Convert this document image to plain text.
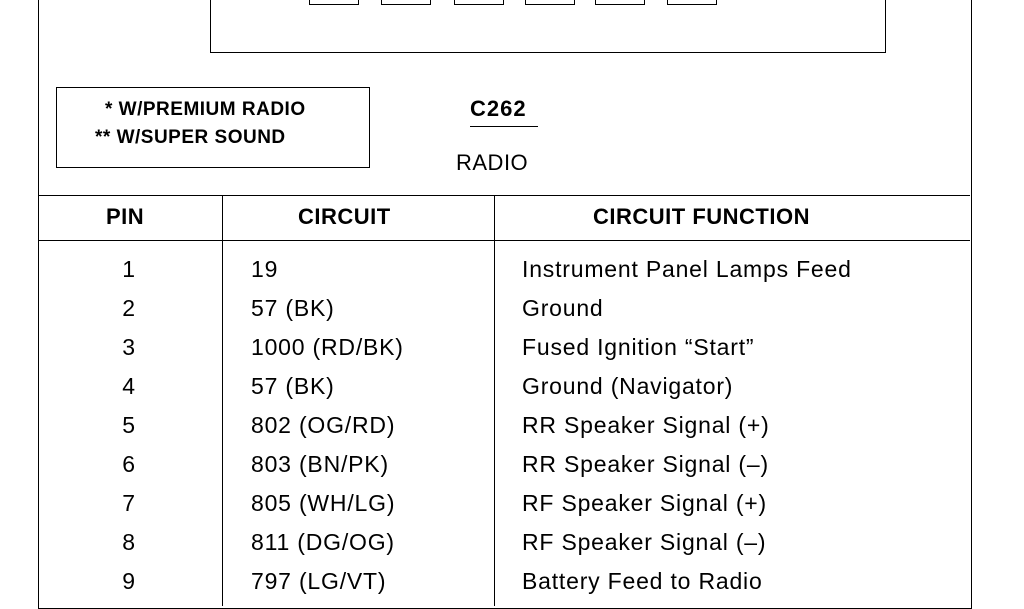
* W/PREMIUM RADIO
** W/SUPER SOUND
C262
RADIO
PIN	CIRCUIT	CIRCUIT FUNCTION
1	19	Instrument Panel Lamps Feed
2	57 (BK)	Ground
3	1000 (RD/BK)	Fused Ignition “Start”
4	57 (BK)	Ground (Navigator)
5	802 (OG/RD)	RR Speaker Signal (+)
6	803 (BN/PK)	RR Speaker Signal (–)
7	805 (WH/LG)	RF Speaker Signal (+)
8	811 (DG/OG)	RF Speaker Signal (–)
9	797 (LG/VT)	Battery Feed to Radio
